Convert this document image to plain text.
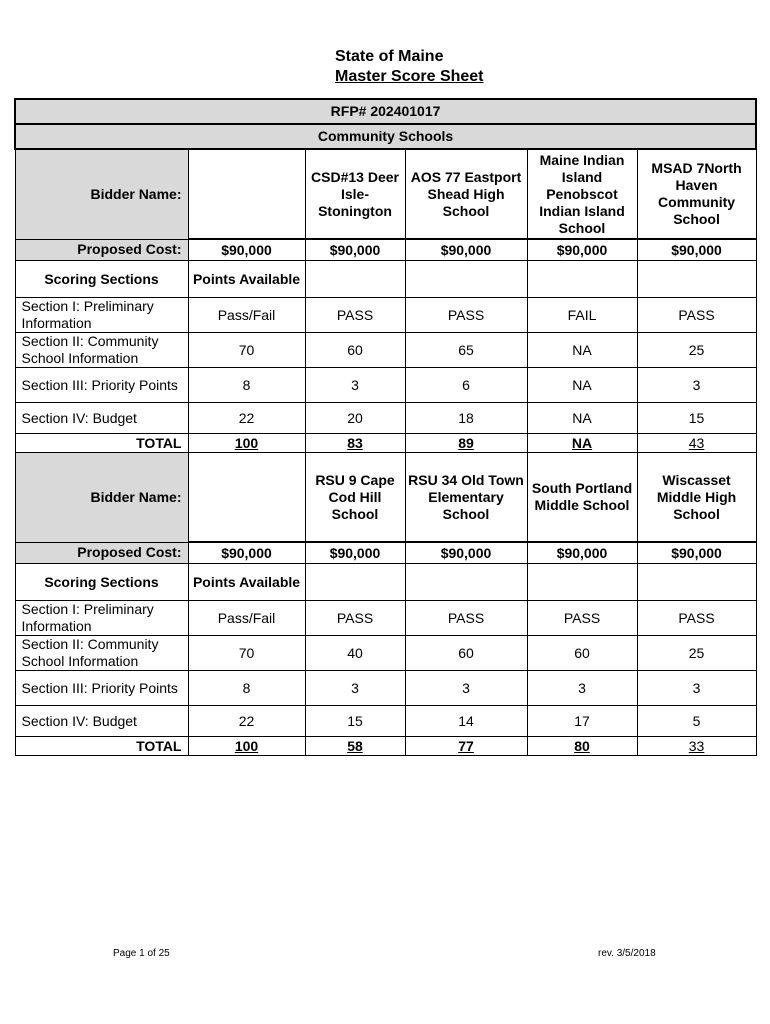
State of Maine
Master Score Sheet
RFP# 202401017					
Community Schools					
Bidder Name:		CSD#13 Deer Isle-Stonington	AOS 77 Eastport Shead High School	Maine Indian Island Penobscot Indian Island School	MSAD 7North Haven Community School
Proposed Cost:	$90,000	$90,000	$90,000	$90,000	$90,000
Scoring Sections	Points Available				
Section I: Preliminary Information	Pass/Fail	PASS	PASS	FAIL	PASS
Section II: Community School Information	70	60	65	NA	25
Section III: Priority Points	8	3	6	NA	3
Section IV: Budget	22	20	18	NA	15
TOTAL	100	83	89	NA	43
Bidder Name:		RSU 9 Cape Cod Hill School	RSU 34 Old Town Elementary School	South Portland Middle School	Wiscasset Middle High School
Proposed Cost:	$90,000	$90,000	$90,000	$90,000	$90,000
Scoring Sections	Points Available				
Section I: Preliminary Information	Pass/Fail	PASS	PASS	PASS	PASS
Section II: Community School Information	70	40	60	60	25
Section III: Priority Points	8	3	3	3	3
Section IV: Budget	22	15	14	17	5
TOTAL	100	58	77	80	33
Page 1 of 25	rev. 3/5/2018
